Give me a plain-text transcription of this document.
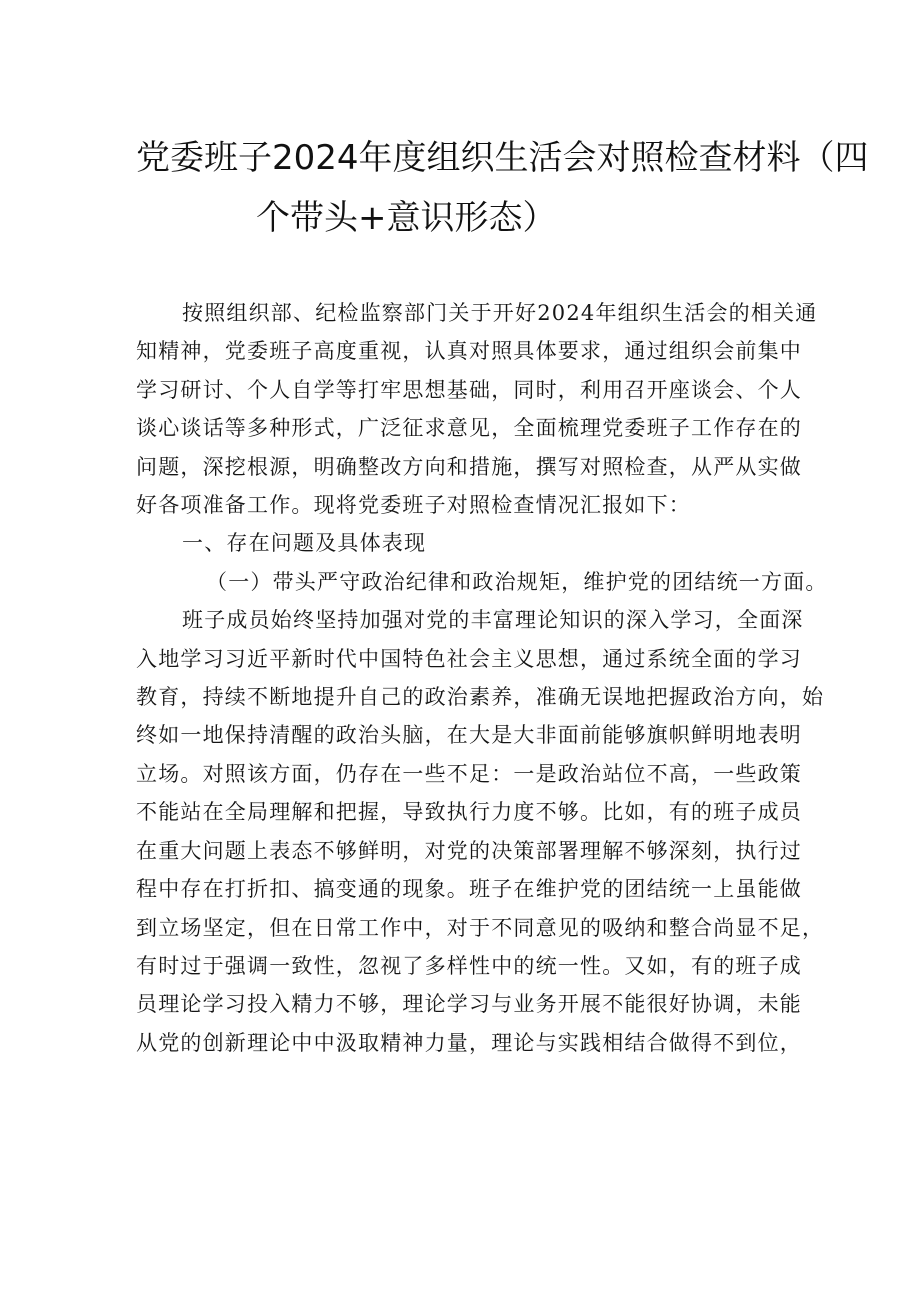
党委班子2024年度组织生活会对照检查材料（四
个带头+意识形态）
按照组织部、纪检监察部门关于开好2024年组织生活会的相关通
知精神，党委班子高度重视，认真对照具体要求，通过组织会前集中
学习研讨、个人自学等打牢思想基础，同时，利用召开座谈会、个人
谈心谈话等多种形式，广泛征求意见，全面梳理党委班子工作存在的
问题，深挖根源，明确整改方向和措施，撰写对照检查，从严从实做
好各项准备工作。现将党委班子对照检查情况汇报如下：
一、存在问题及具体表现
（一）带头严守政治纪律和政治规矩，维护党的团结统一方面。
班子成员始终坚持加强对党的丰富理论知识的深入学习，全面深
入地学习习近平新时代中国特色社会主义思想，通过系统全面的学习
教育，持续不断地提升自己的政治素养，准确无误地把握政治方向，始
终如一地保持清醒的政治头脑，在大是大非面前能够旗帜鲜明地表明
立场。对照该方面，仍存在一些不足：一是政治站位不高，一些政策
不能站在全局理解和把握，导致执行力度不够。比如，有的班子成员
在重大问题上表态不够鲜明，对党的决策部署理解不够深刻，执行过
程中存在打折扣、搞变通的现象。班子在维护党的团结统一上虽能做
到立场坚定，但在日常工作中，对于不同意见的吸纳和整合尚显不足，
有时过于强调一致性，忽视了多样性中的统一性。又如，有的班子成
员理论学习投入精力不够，理论学习与业务开展不能很好协调，未能
从党的创新理论中中汲取精神力量，理论与实践相结合做得不到位，
